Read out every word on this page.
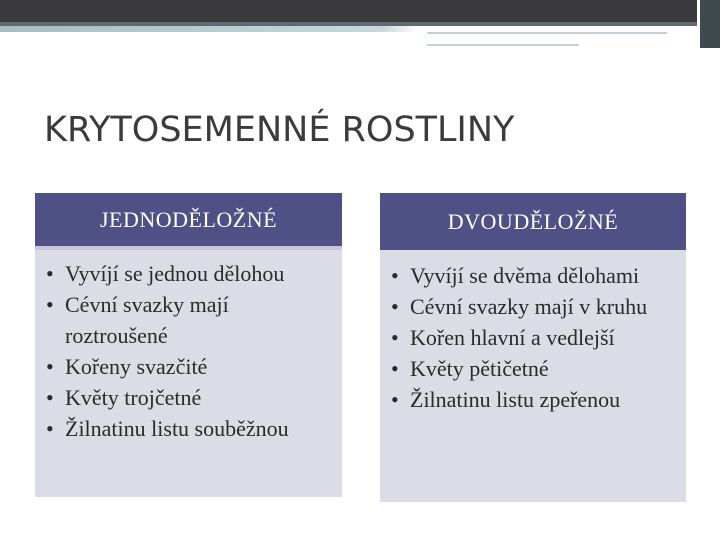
KRYTOSEMENNÉ ROSTLINY
JEDNODĚLOŽNÉ
• Vyvíjí se jednou dělohou
• Cévní svazky mají roztroušené
• Kořeny svazčité
• Květy trojčetné
• Žilnatinu listu souběžnou
DVOUDĚLOŽNÉ
• Vyvíjí se dvěma dělohami
• Cévní svazky mají v kruhu
• Kořen hlavní a vedlejší
• Květy pětičetné
• Žilnatinu listu zpeřenou
